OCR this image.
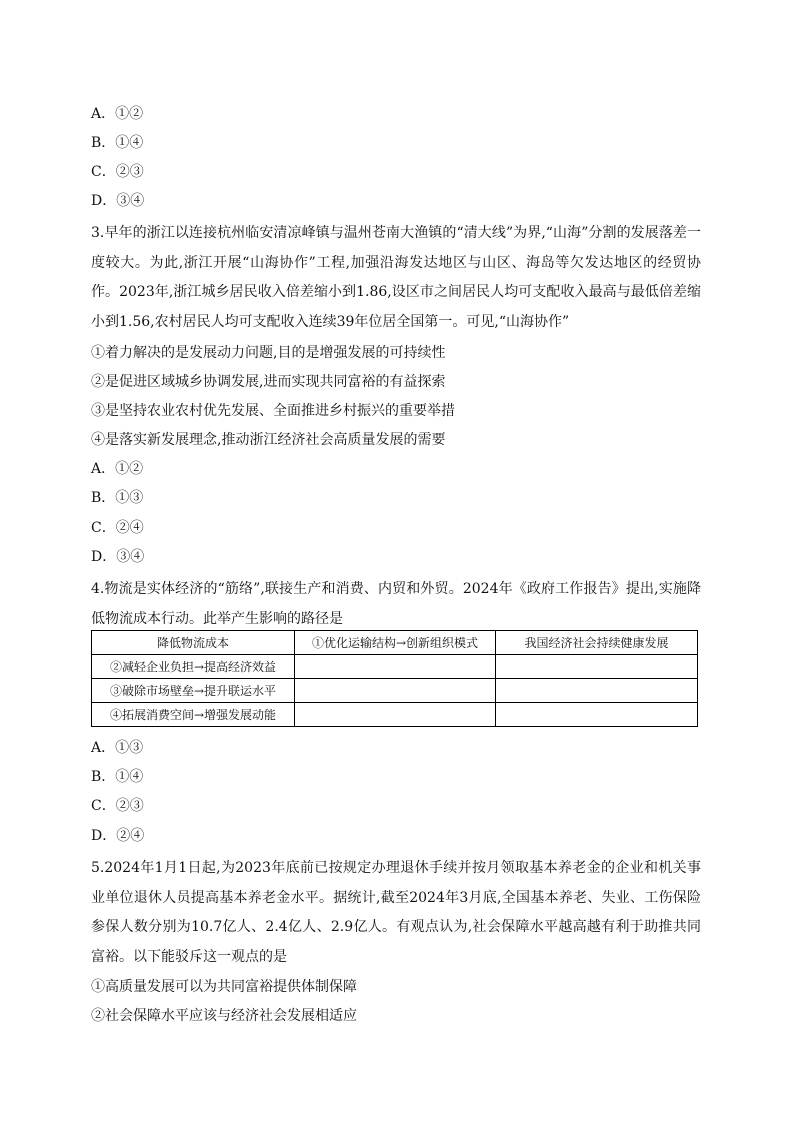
A．①②
B．①④
C．②③
D．③④
3.早年的浙江以连接杭州临安清凉峰镇与温州苍南大渔镇的“清大线”为界,“山海”分割的发展落差一度较大。为此,浙江开展“山海协作”工程,加强沿海发达地区与山区、海岛等欠发达地区的经贸协作。2023年,浙江城乡居民收入倍差缩小到1.86,设区市之间居民人均可支配收入最高与最低倍差缩小到1.56,农村居民人均可支配收入连续39年位居全国第一。可见,“山海协作”
①着力解决的是发展动力问题,目的是增强发展的可持续性
②是促进区域城乡协调发展,进而实现共同富裕的有益探索
③是坚持农业农村优先发展、全面推进乡村振兴的重要举措
④是落实新发展理念,推动浙江经济社会高质量发展的需要
A．①②
B．①③
C．②④
D．③④
4.物流是实体经济的“筋络”,联接生产和消费、内贸和外贸。2024年《政府工作报告》提出,实施降低物流成本行动。此举产生影响的路径是
降低物流成本	①优化运输结构→创新组织模式	我国经济社会持续健康发展
②减轻企业负担→提高经济效益		
③破除市场壁垒→提升联运水平		
④拓展消费空间→增强发展动能		
A．①③
B．①④
C．②③
D．②④
5.2024年1月1日起,为2023年底前已按规定办理退休手续并按月领取基本养老金的企业和机关事业单位退休人员提高基本养老金水平。据统计,截至2024年3月底,全国基本养老、失业、工伤保险参保人数分别为10.7亿人、2.4亿人、2.9亿人。有观点认为,社会保障水平越高越有利于助推共同富裕。以下能驳斥这一观点的是
①高质量发展可以为共同富裕提供体制保障
②社会保障水平应该与经济社会发展相适应
